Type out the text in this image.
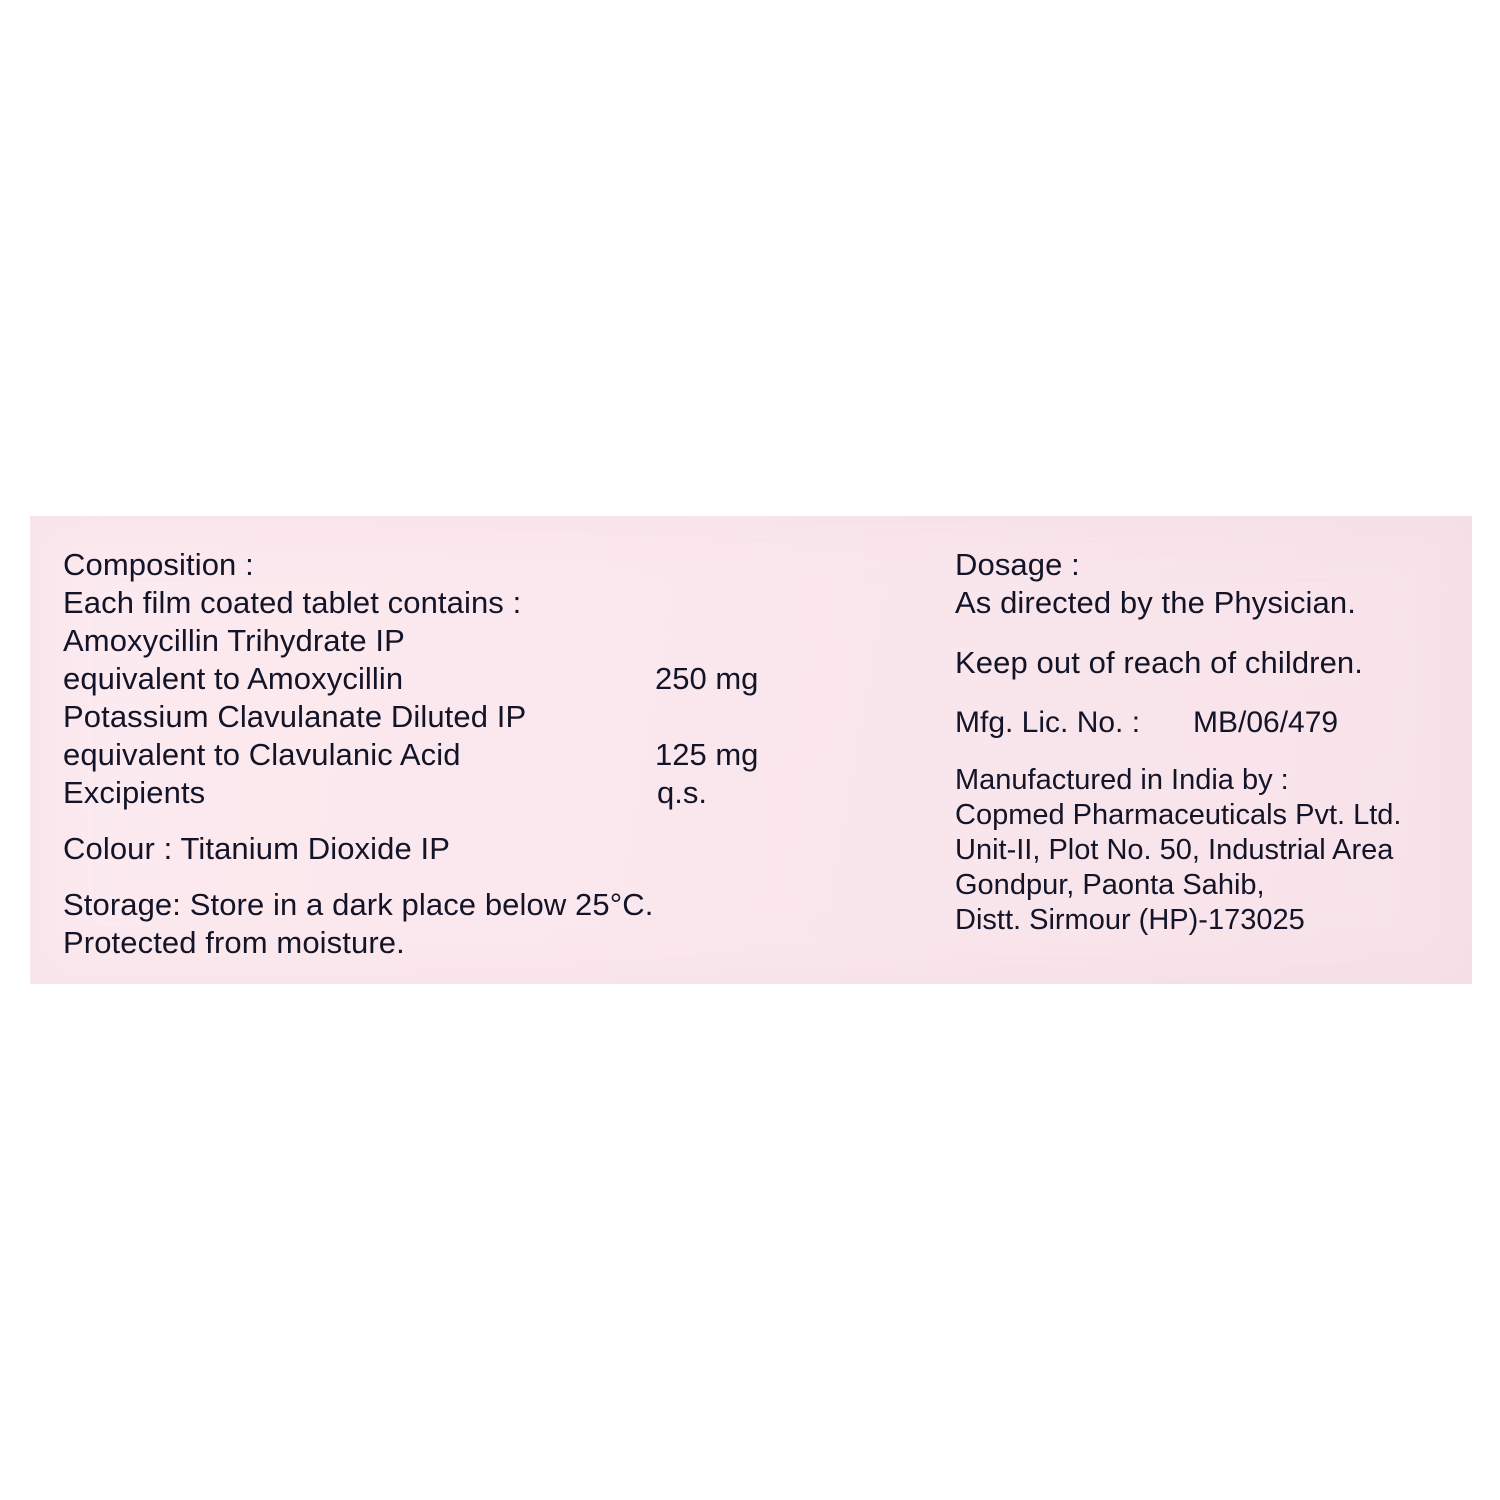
Composition :
Each film coated tablet contains :
Amoxycillin Trihydrate IP
equivalent to Amoxycillin	250 mg
Potassium Clavulanate Diluted IP
equivalent to Clavulanic Acid	125 mg
Excipients	q.s.
Colour : Titanium Dioxide IP
Storage: Store in a dark place below 25°C.
Protected from moisture.
Dosage :
As directed by the Physician.
Keep out of reach of children.
Mfg. Lic. No. :	MB/06/479
Manufactured in India by :
Copmed Pharmaceuticals Pvt. Ltd.
Unit-II, Plot No. 50, Industrial Area
Gondpur, Paonta Sahib,
Distt. Sirmour (HP)-173025
